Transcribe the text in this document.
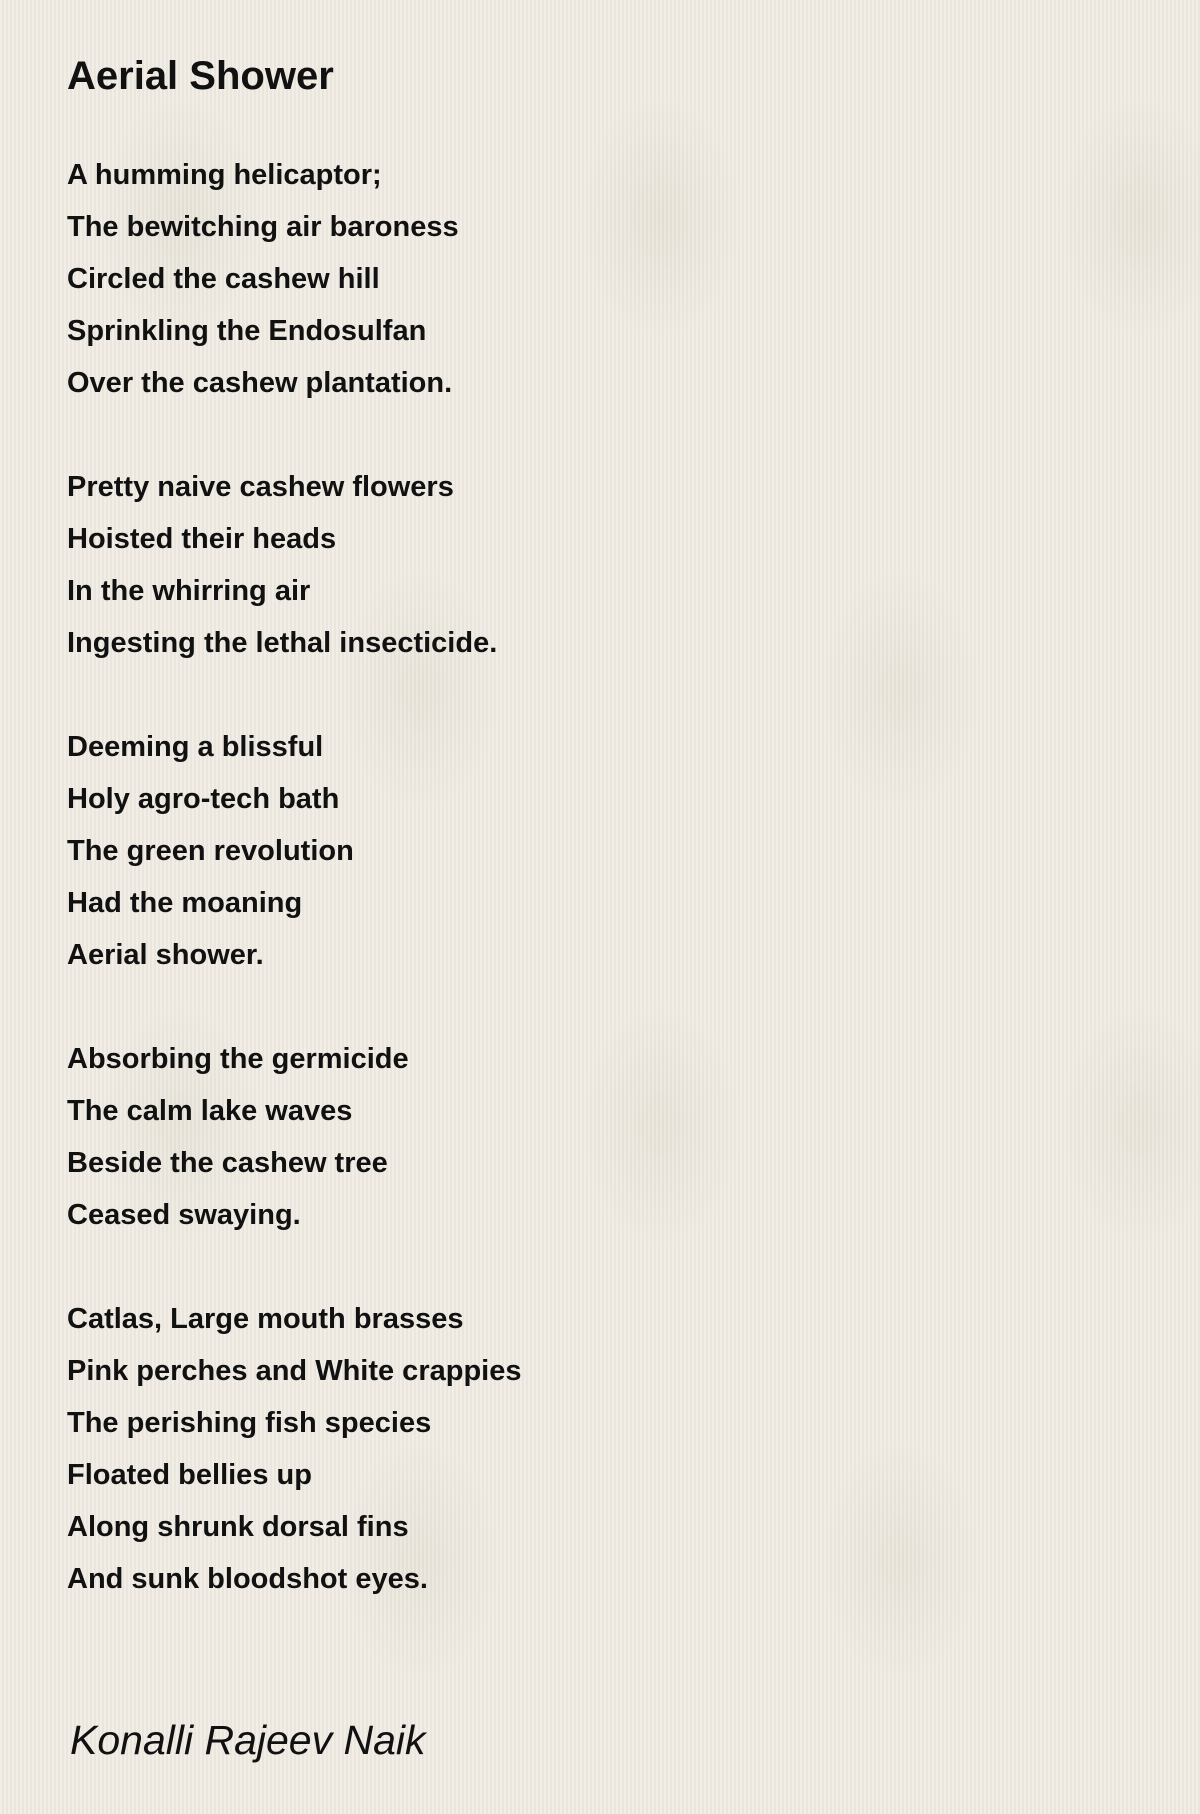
Aerial Shower
A humming helicaptor;
The bewitching air baroness
Circled the cashew hill
Sprinkling the Endosulfan
Over the cashew plantation.
Pretty naive cashew flowers
Hoisted their heads
In the whirring air
Ingesting the lethal insecticide.
Deeming a blissful
Holy agro-tech bath
The green revolution
Had the moaning
Aerial shower.
Absorbing the germicide
The calm lake waves
Beside the cashew tree
Ceased swaying.
Catlas, Large mouth brasses
Pink perches and White crappies
The perishing fish species
Floated bellies up
Along shrunk dorsal fins
And sunk bloodshot eyes.

Konalli Rajeev Naik
